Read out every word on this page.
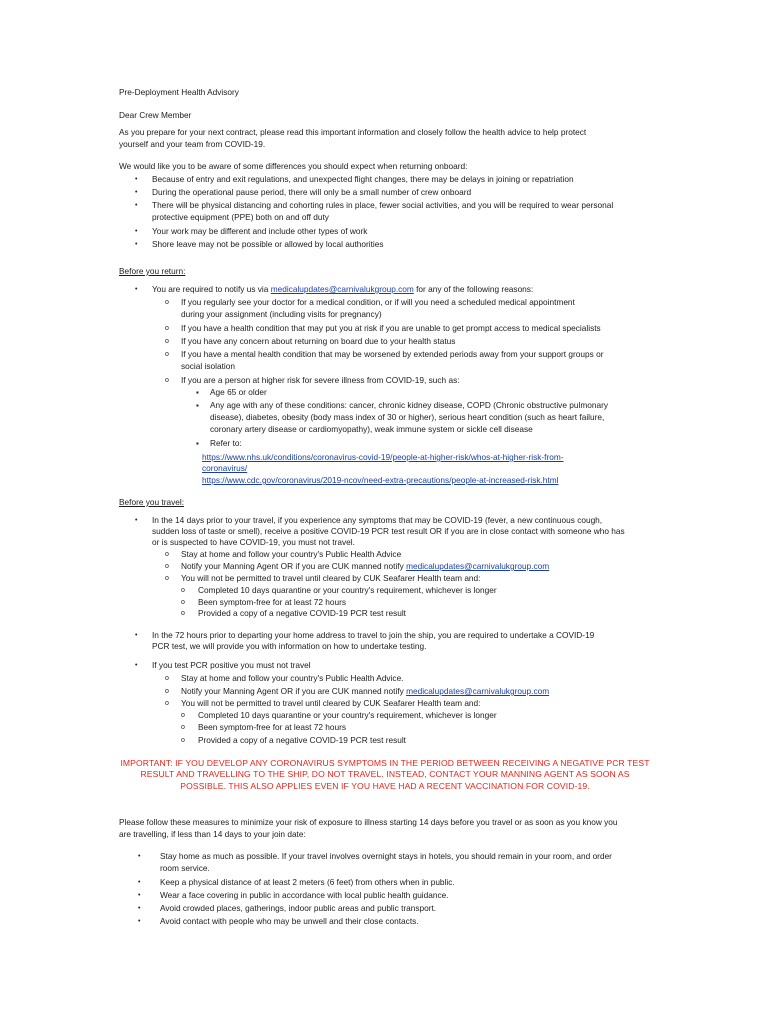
Pre-Deployment Health Advisory
Dear Crew Member
As you prepare for your next contract, please read this important information and closely follow the health advice to help protect
yourself and your team from COVID-19.
We would like you to be aware of some differences you should expect when returning onboard:
• Because of entry and exit regulations, and unexpected flight changes, there may be delays in joining or repatriation
• During the operational pause period, there will only be a small number of crew onboard
• There will be physical distancing and cohorting rules in place, fewer social activities, and you will be required to wear personal
protective equipment (PPE) both on and off duty
• Your work may be different and include other types of work
• Shore leave may not be possible or allowed by local authorities
Before you return:
• You are required to notify us via medicalupdates@carnivalukgroup.com for any of the following reasons:
o If you regularly see your doctor for a medical condition, or if will you need a scheduled medical appointment
during your assignment (including visits for pregnancy)
o If you have a health condition that may put you at risk if you are unable to get prompt access to medical specialists
o If you have any concern about returning on board due to your health status
o If you have a mental health condition that may be worsened by extended periods away from your support groups or
social isolation
o If you are a person at higher risk for severe illness from COVID-19, such as:
▪ Age 65 or older
▪ Any age with any of these conditions: cancer, chronic kidney disease, COPD (Chronic obstructive pulmonary
disease), diabetes, obesity (body mass index of 30 or higher), serious heart condition (such as heart failure,
coronary artery disease or cardiomyopathy), weak immune system or sickle cell disease
▪ Refer to:
https://www.nhs.uk/conditions/coronavirus-covid-19/people-at-higher-risk/whos-at-higher-risk-from-
coronavirus/
https://www.cdc.gov/coronavirus/2019-ncov/need-extra-precautions/people-at-increased-risk.html
Before you travel:
• In the 14 days prior to your travel, if you experience any symptoms that may be COVID-19 (fever, a new continuous cough,
sudden loss of taste or smell), receive a positive COVID-19 PCR test result OR if you are in close contact with someone who has
or is suspected to have COVID-19, you must not travel.
o Stay at home and follow your country's Public Health Advice
o Notify your Manning Agent OR if you are CUK manned notify medicalupdates@carnivalukgroup.com
o You will not be permitted to travel until cleared by CUK Seafarer Health team and:
o Completed 10 days quarantine or your country's requirement, whichever is longer
o Been symptom-free for at least 72 hours
o Provided a copy of a negative COVID-19 PCR test result
• In the 72 hours prior to departing your home address to travel to join the ship, you are required to undertake a COVID-19
PCR test, we will provide you with information on how to undertake testing.
• If you test PCR positive you must not travel
o Stay at home and follow your country's Public Health Advice.
o Notify your Manning Agent OR if you are CUK manned notify medicalupdates@carnivalukgroup.com
o You will not be permitted to travel until cleared by CUK Seafarer Health team and:
o Completed 10 days quarantine or your country's requirement, whichever is longer
o Been symptom-free for at least 72 hours
o Provided a copy of a negative COVID-19 PCR test result
IMPORTANT: IF YOU DEVELOP ANY CORONAVIRUS SYMPTOMS IN THE PERIOD BETWEEN RECEIVING A NEGATIVE PCR TEST
RESULT AND TRAVELLING TO THE SHIP, DO NOT TRAVEL. INSTEAD, CONTACT YOUR MANNING AGENT AS SOON AS
POSSIBLE. THIS ALSO APPLIES EVEN IF YOU HAVE HAD A RECENT VACCINATION FOR COVID-19.
Please follow these measures to minimize your risk of exposure to illness starting 14 days before you travel or as soon as you know you
are travelling, if less than 14 days to your join date:
• Stay home as much as possible. If your travel involves overnight stays in hotels, you should remain in your room, and order
room service.
• Keep a physical distance of at least 2 meters (6 feet) from others when in public.
• Wear a face covering in public in accordance with local public health guidance.
• Avoid crowded places, gatherings, indoor public areas and public transport.
• Avoid contact with people who may be unwell and their close contacts.
